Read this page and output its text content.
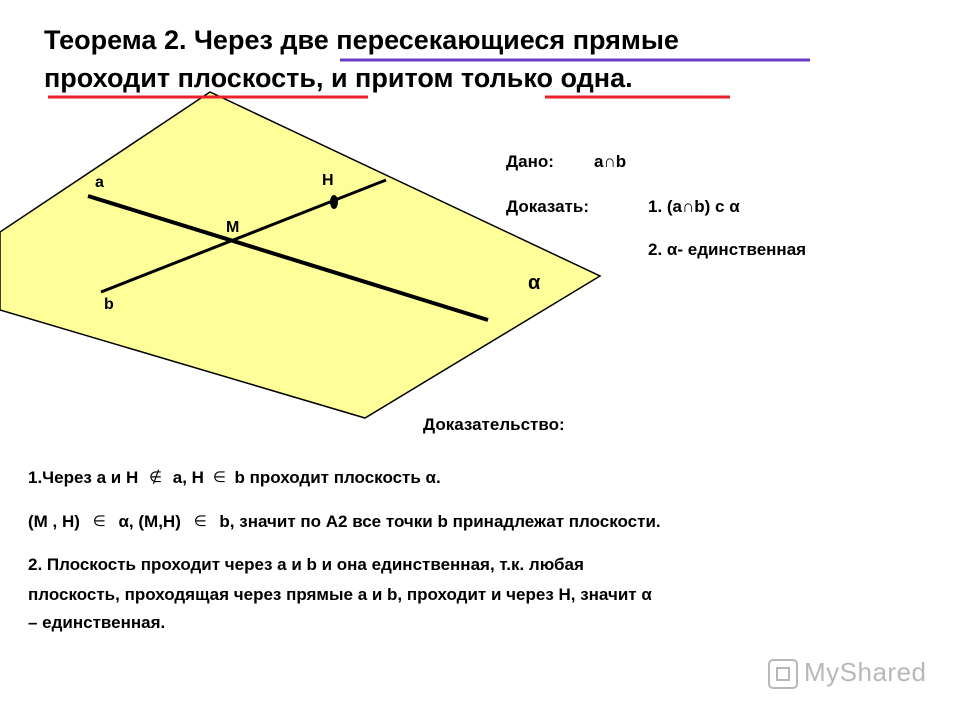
Теорема 2. Через две пересекающиеся прямые
проходит плоскость, и притом только одна.
a
b
M
H
α
Дано: a∩b
Доказать:	1. (a∩b) c α
2. α- единственная
Доказательство:
1.Через а и Н ∉ а, Н ∈ b проходит плоскость α.
(М , Н) ∈ α, (М,Н) ∈ b, значит по А2 все точки b принадлежат плоскости.
2. Плоскость проходит через а и b и она единственная, т.к. любая
плоскость, проходящая через прямые а и b, проходит и через Н, значит α
– единственная.
MyShared
